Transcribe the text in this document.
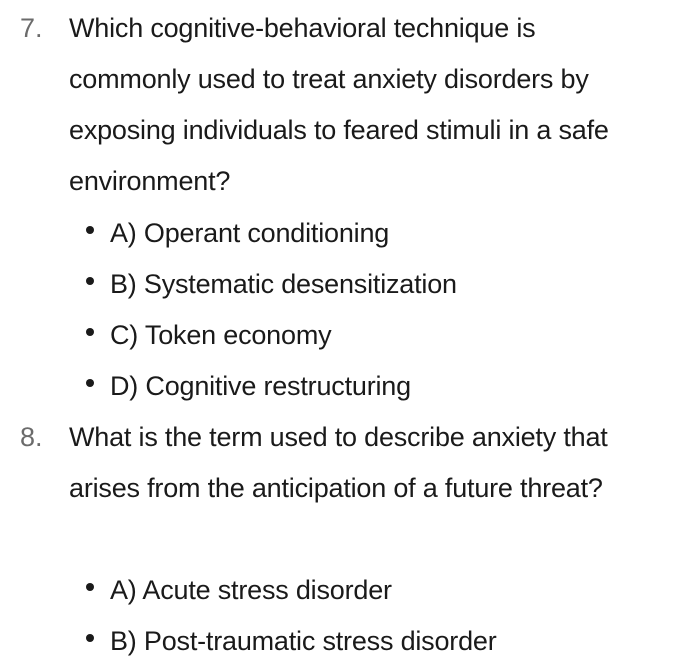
7. Which cognitive-behavioral technique is commonly used to treat anxiety disorders by exposing individuals to feared stimuli in a safe environment?
A) Operant conditioning
B) Systematic desensitization
C) Token economy
D) Cognitive restructuring
8. What is the term used to describe anxiety that arises from the anticipation of a future threat?
A) Acute stress disorder
B) Post-traumatic stress disorder
